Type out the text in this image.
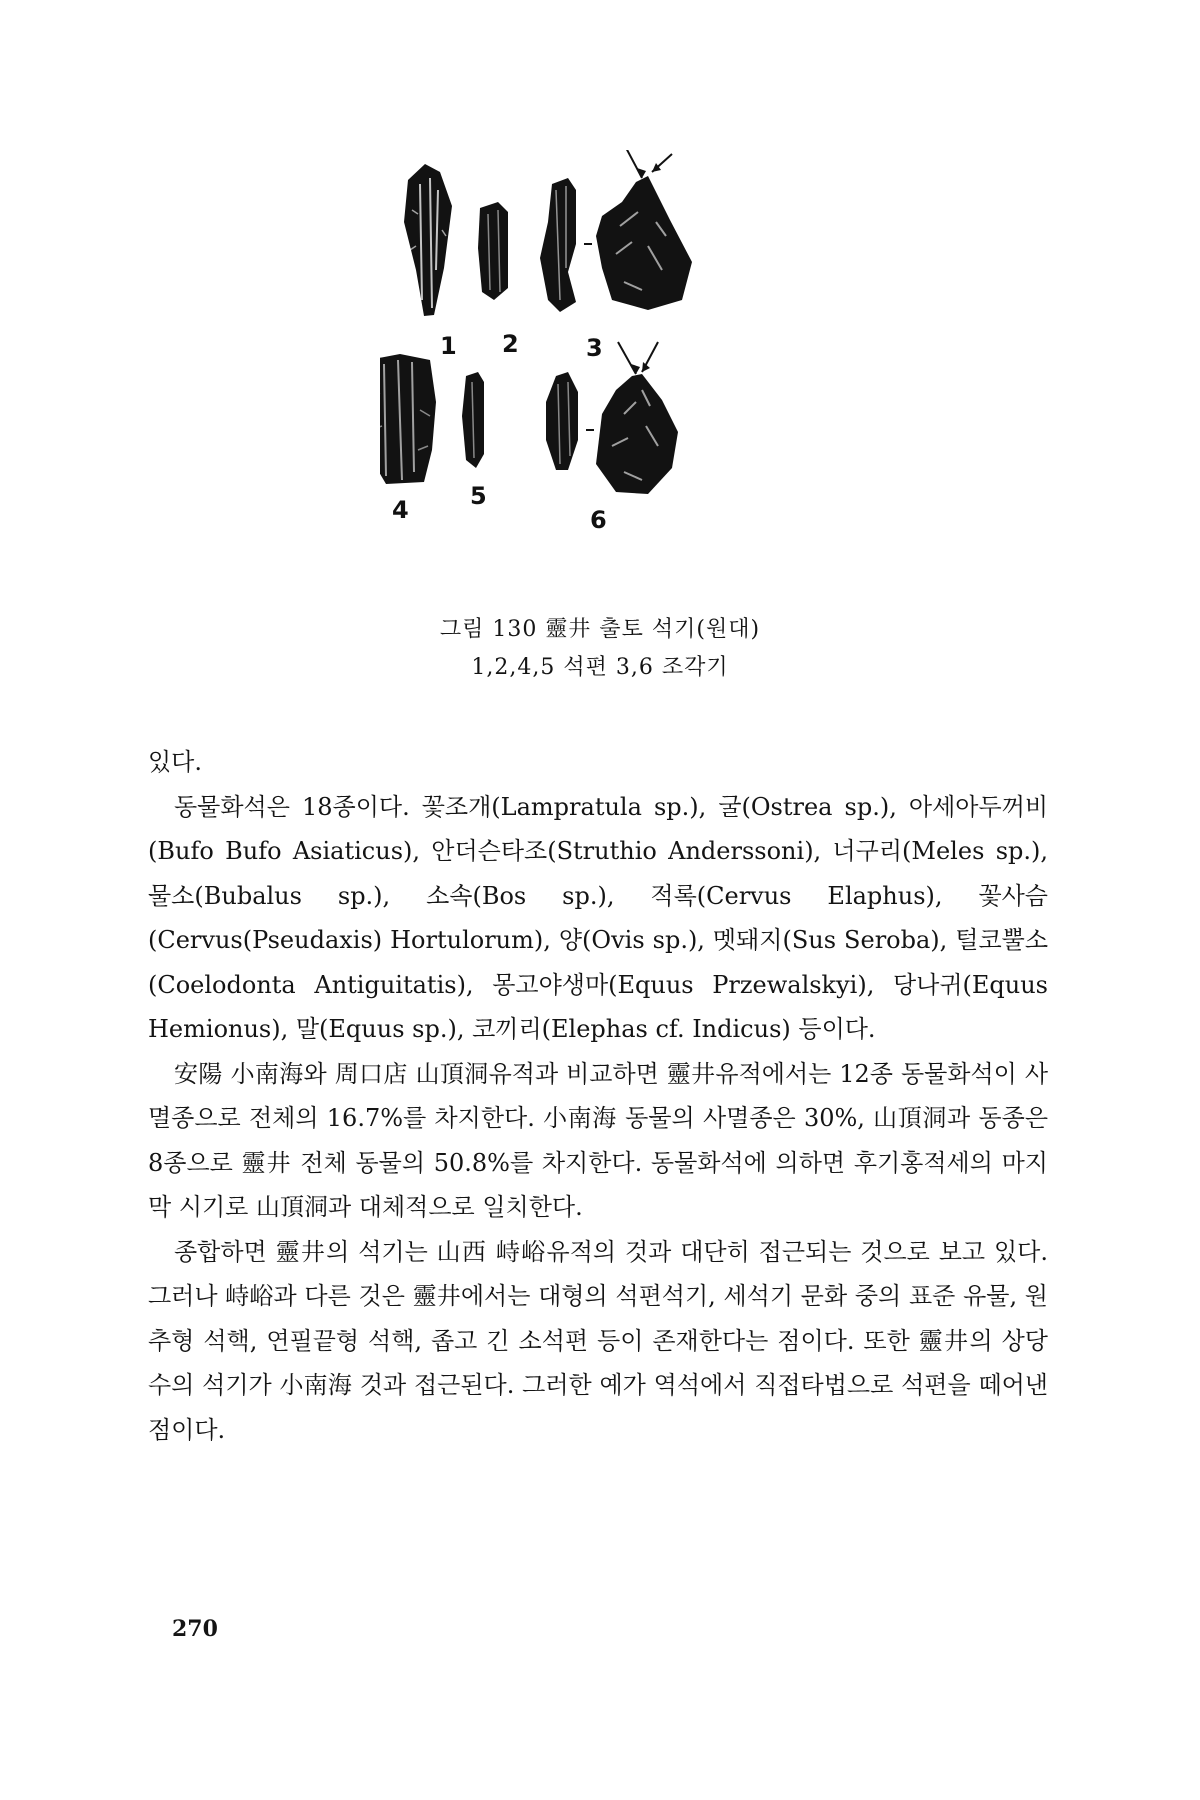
1 2	3
4	5
6
그림 130 靈井 출토 석기(원대)
1,2,4,5 석편 3,6 조각기

있다.

동물화석은 18종이다. 꽃조개(Lampratula sp.), 굴(Ostrea sp.), 아세아두꺼비(Bufo Bufo Asiaticus), 안더슨타조(Struthio Anderssoni), 너구리(Meles sp.), 물소(Bubalus sp.), 소속(Bos sp.), 적록(Cervus Elaphus), 꽃사슴(Cervus(Pseudaxis) Hortulorum), 양(Ovis sp.), 멧돼지(Sus Seroba), 털코뿔소(Coelodonta Antiguitatis), 몽고야생마(Equus Przewalskyi), 당나귀(Equus Hemionus), 말(Equus sp.), 코끼리(Elephas cf. Indicus) 등이다.

安陽 小南海와 周口店 山頂洞유적과 비교하면 靈井유적에서는 12종 동물화석이 사멸종으로 전체의 16.7%를 차지한다. 小南海 동물의 사멸종은 30%, 山頂洞과 동종은 8종으로 靈井 전체 동물의 50.8%를 차지한다. 동물화석에 의하면 후기홍적세의 마지막 시기로 山頂洞과 대체적으로 일치한다.

종합하면 靈井의 석기는 山西 峙峪유적의 것과 대단히 접근되는 것으로 보고 있다. 그러나 峙峪과 다른 것은 靈井에서는 대형의 석편석기, 세석기 문화 중의 표준 유물, 원추형 석핵, 연필끝형 석핵, 좁고 긴 소석편 등이 존재한다는 점이다. 또한 靈井의 상당수의 석기가 小南海 것과 접근된다. 그러한 예가 역석에서 직접타법으로 석편을 떼어낸 점이다.

270
